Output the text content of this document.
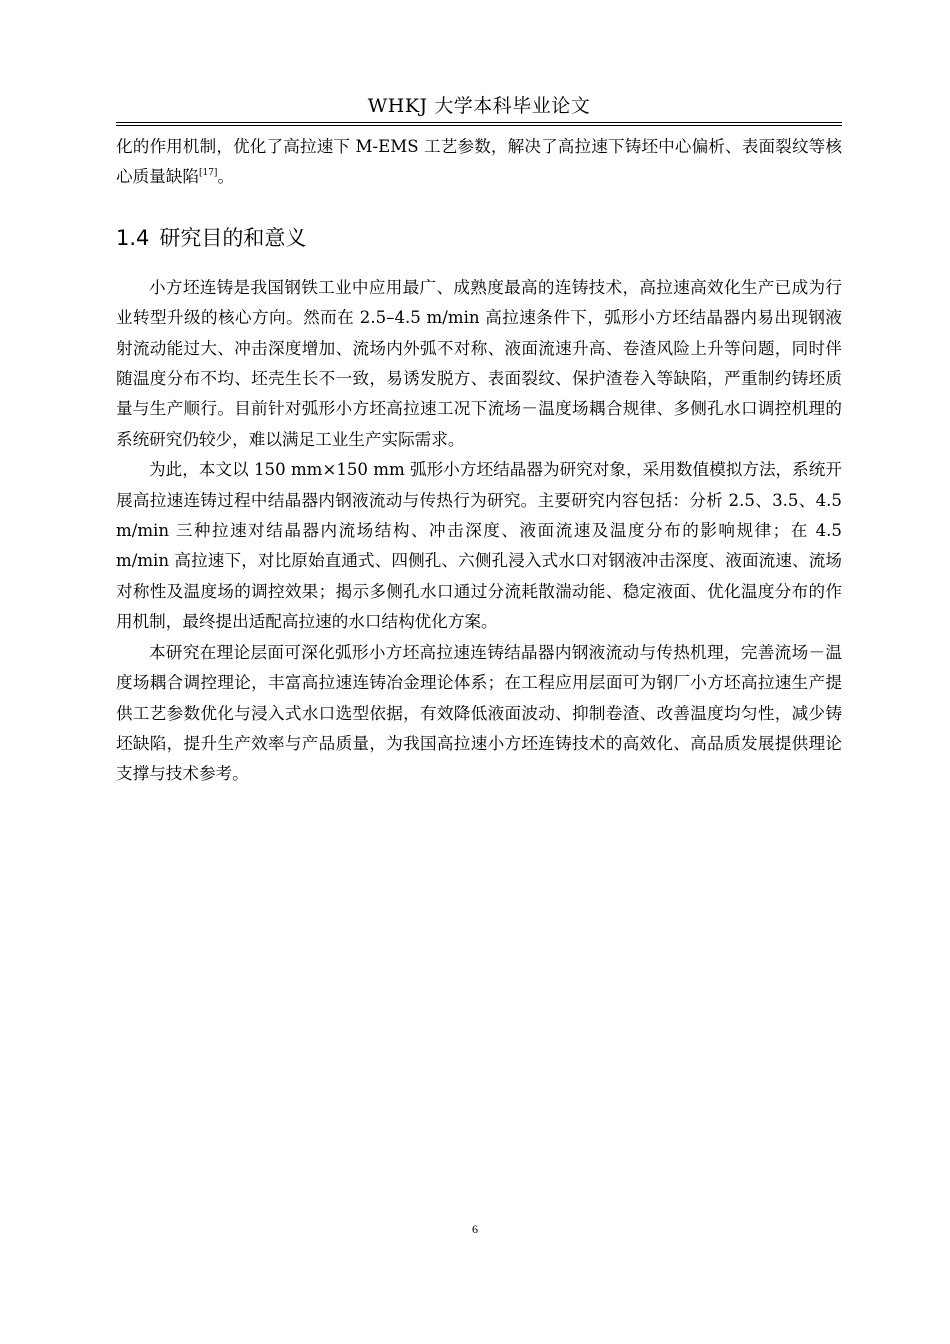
WHKJ 大学本科毕业论文

化的作用机制，优化了高拉速下 M-EMS 工艺参数，解决了高拉速下铸坯中心偏析、表面裂纹等核心质量缺陷[17]。

1.4 研究目的和意义

小方坯连铸是我国钢铁工业中应用最广、成熟度最高的连铸技术，高拉速高效化生产已成为行业转型升级的核心方向。然而在 2.5–4.5 m/min 高拉速条件下，弧形小方坯结晶器内易出现钢液射流动能过大、冲击深度增加、流场内外弧不对称、液面流速升高、卷渣风险上升等问题，同时伴随温度分布不均、坯壳生长不一致，易诱发脱方、表面裂纹、保护渣卷入等缺陷，严重制约铸坯质量与生产顺行。目前针对弧形小方坯高拉速工况下流场－温度场耦合规律、多侧孔水口调控机理的系统研究仍较少，难以满足工业生产实际需求。

为此，本文以 150 mm×150 mm 弧形小方坯结晶器为研究对象，采用数值模拟方法，系统开展高拉速连铸过程中结晶器内钢液流动与传热行为研究。主要研究内容包括：分析 2.5、3.5、4.5 m/min 三种拉速对结晶器内流场结构、冲击深度、液面流速及温度分布的影响规律；在 4.5 m/min 高拉速下，对比原始直通式、四侧孔、六侧孔浸入式水口对钢液冲击深度、液面流速、流场对称性及温度场的调控效果；揭示多侧孔水口通过分流耗散湍动能、稳定液面、优化温度分布的作用机制，最终提出适配高拉速的水口结构优化方案。

本研究在理论层面可深化弧形小方坯高拉速连铸结晶器内钢液流动与传热机理，完善流场－温度场耦合调控理论，丰富高拉速连铸冶金理论体系；在工程应用层面可为钢厂小方坯高拉速生产提供工艺参数优化与浸入式水口选型依据，有效降低液面波动、抑制卷渣、改善温度均匀性，减少铸坯缺陷，提升生产效率与产品质量，为我国高拉速小方坯连铸技术的高效化、高品质发展提供理论支撑与技术参考。

6
